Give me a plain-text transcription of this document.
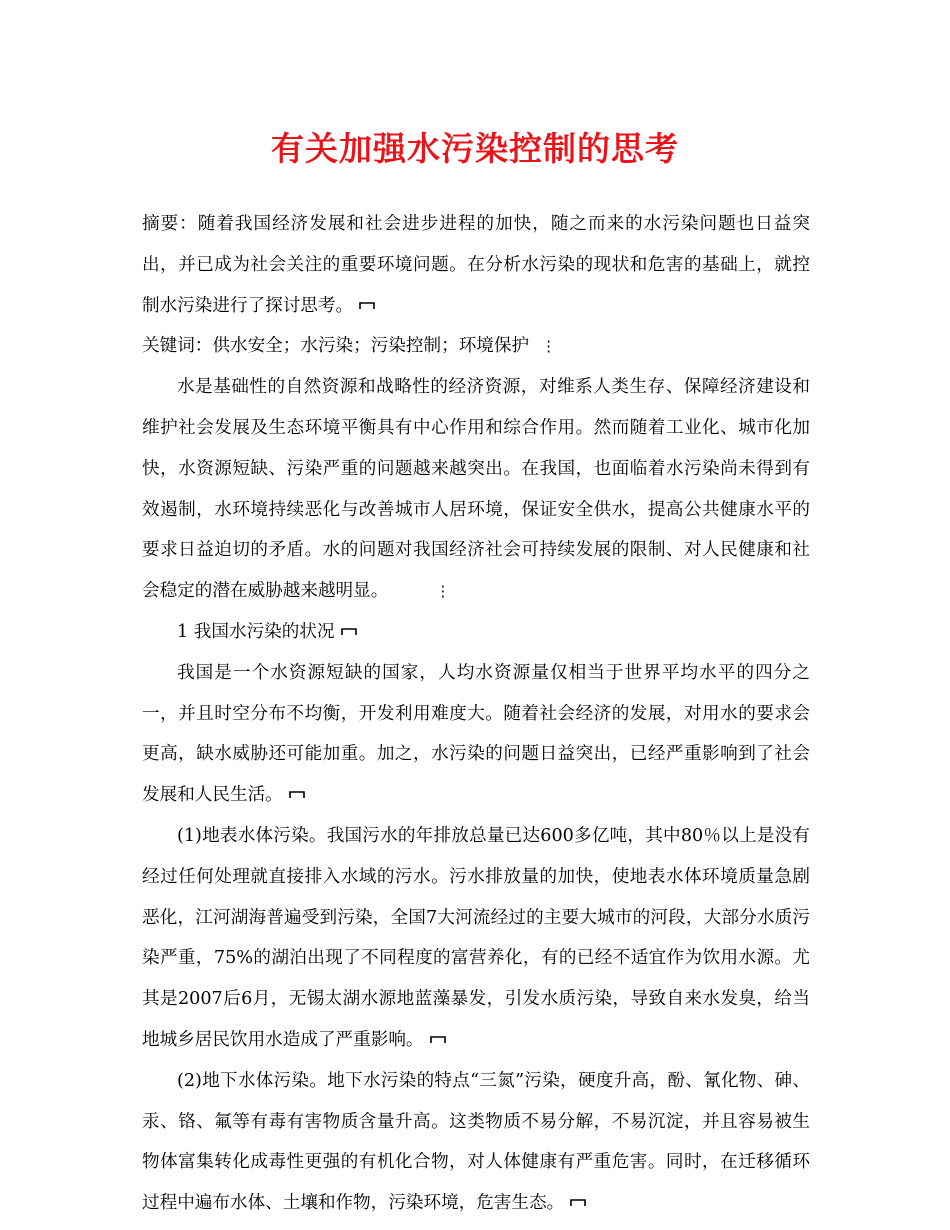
有关加强水污染控制的思考

摘要：随着我国经济发展和社会进步进程的加快，随之而来的水污染问题也日益突出，并已成为社会关注的重要环境问题。在分析水污染的现状和危害的基础上，就控制水污染进行了探讨思考。

关键词：供水安全；水污染；污染控制；环境保护 ⋮

水是基础性的自然资源和战略性的经济资源，对维系人类生存、保障经济建设和维护社会发展及生态环境平衡具有中心作用和综合作用。然而随着工业化、城市化加快，水资源短缺、污染严重的问题越来越突出。在我国，也面临着水污染尚未得到有效遏制，水环境持续恶化与改善城市人居环境，保证安全供水，提高公共健康水平的要求日益迫切的矛盾。水的问题对我国经济社会可持续发展的限制、对人民健康和社会稳定的潜在威胁越来越明显。	⋮

1 我国水污染的状况

我国是一个水资源短缺的国家，人均水资源量仅相当于世界平均水平的四分之一，并且时空分布不均衡，开发利用难度大。随着社会经济的发展，对用水的要求会更高，缺水威胁还可能加重。加之，水污染的问题日益突出，已经严重影响到了社会发展和人民生活。

(1)地表水体污染。我国污水的年排放总量已达600多亿吨，其中80％以上是没有经过任何处理就直接排入水域的污水。污水排放量的加快，使地表水体环境质量急剧恶化，江河湖海普遍受到污染，全国7大河流经过的主要大城市的河段，大部分水质污染严重，75%的湖泊出现了不同程度的富营养化，有的已经不适宜作为饮用水源。尤其是2007后6月，无锡太湖水源地蓝藻暴发，引发水质污染，导致自来水发臭，给当地城乡居民饮用水造成了严重影响。

(2)地下水体污染。地下水污染的特点“三氮”污染，硬度升高，酚、氰化物、砷、汞、铬、氟等有毒有害物质含量升高。这类物质不易分解，不易沉淀，并且容易被生物体富集转化成毒性更强的有机化合物，对人体健康有严重危害。同时，在迁移循环过程中遍布水体、土壤和作物，污染环境，危害生态。
